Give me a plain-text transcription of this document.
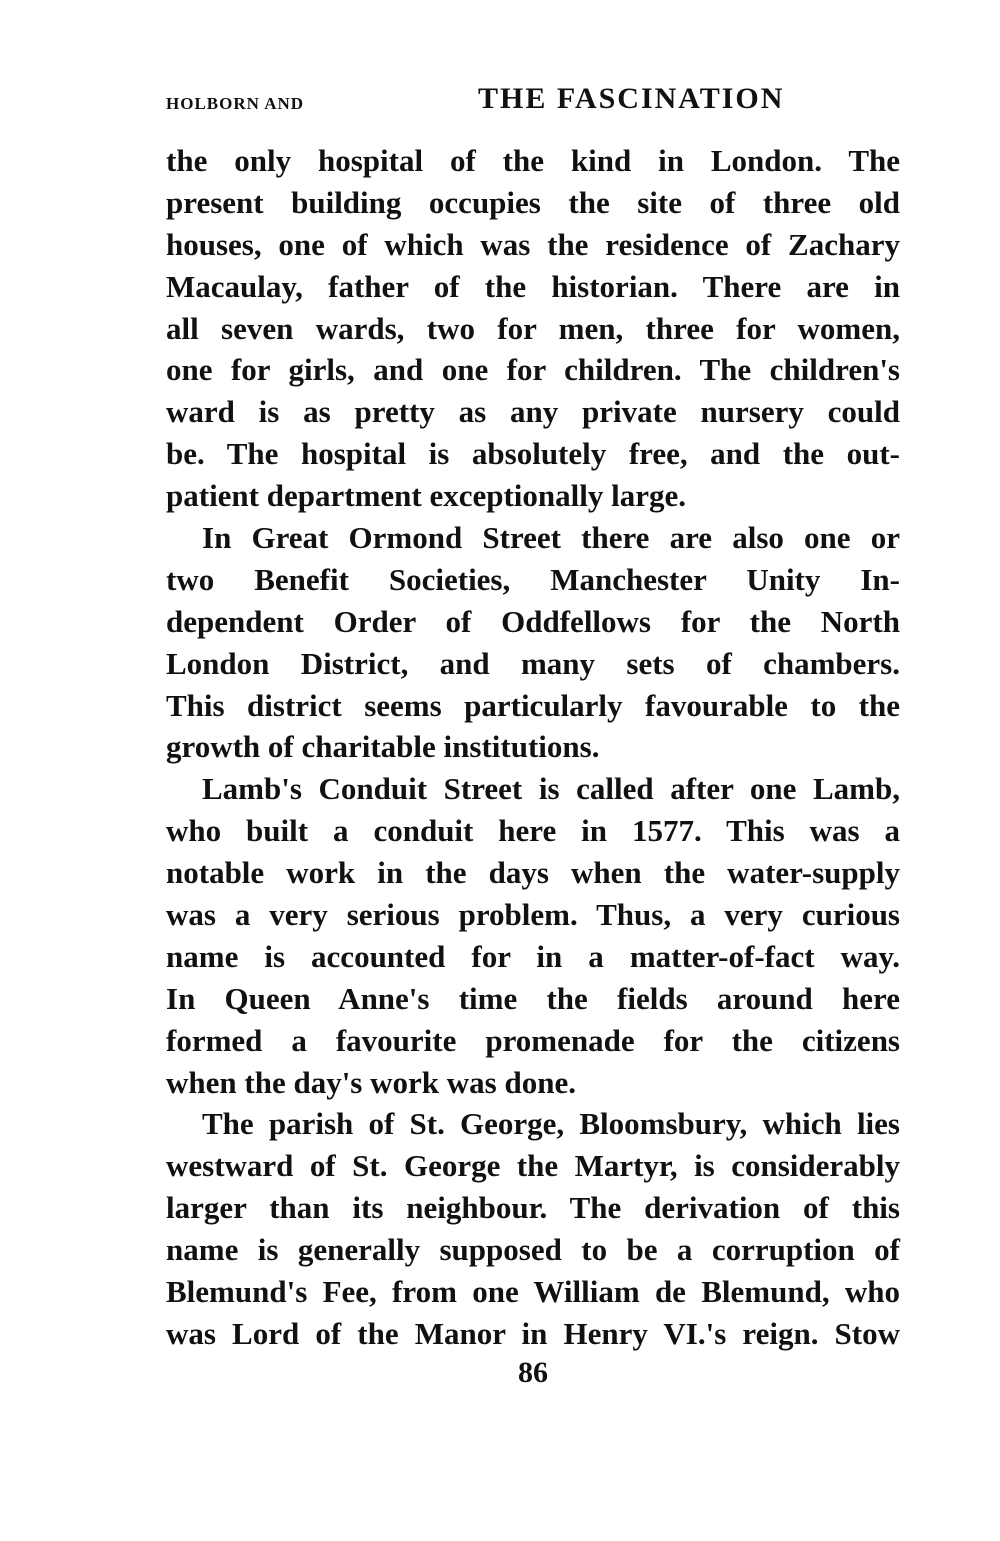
HOLBORN AND	THE FASCINATION
the only hospital of the kind in London. The
present building occupies the site of three old
houses, one of which was the residence of Zachary
Macaulay, father of the historian. There are in
all seven wards, two for men, three for women,
one for girls, and one for children. The children's
ward is as pretty as any private nursery could
be. The hospital is absolutely free, and the out-
patient department exceptionally large.
In Great Ormond Street there are also one or
two Benefit Societies, Manchester Unity In-
dependent Order of Oddfellows for the North
London District, and many sets of chambers.
This district seems particularly favourable to the
growth of charitable institutions.
Lamb's Conduit Street is called after one Lamb,
who built a conduit here in 1577. This was a
notable work in the days when the water-supply
was a very serious problem. Thus, a very curious
name is accounted for in a matter-of-fact way.
In Queen Anne's time the fields around here
formed a favourite promenade for the citizens
when the day's work was done.
The parish of St. George, Bloomsbury, which lies
westward of St. George the Martyr, is considerably
larger than its neighbour. The derivation of this
name is generally supposed to be a corruption of
Blemund's Fee, from one William de Blemund, who
was Lord of the Manor in Henry VI.'s reign. Stow
86
